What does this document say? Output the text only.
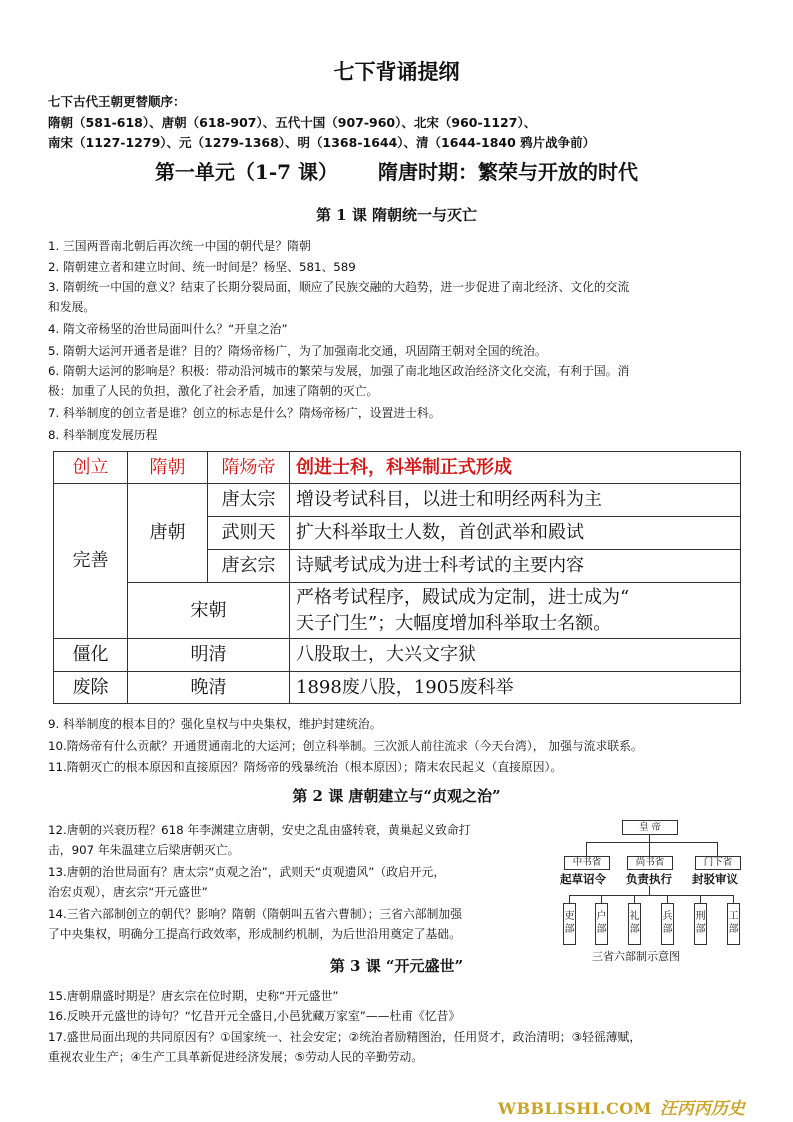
七下背诵提纲
七下古代王朝更替顺序：
隋朝（581-618）、唐朝（618-907）、五代十国（907-960）、北宋（960-1127）、
南宋（1127-1279）、元（1279-1368）、明（1368-1644）、清（1644-1840 鸦片战争前）
第一单元（1-7 课） 隋唐时期：繁荣与开放的时代
第 1 课 隋朝统一与灭亡
1. 三国两晋南北朝后再次统一中国的朝代是？隋朝
2. 隋朝建立者和建立时间、统一时间是？杨坚、581、589
3. 隋朝统一中国的意义？结束了长期分裂局面，顺应了民族交融的大趋势，进一步促进了南北经济、文化的交流
和发展。
4. 隋文帝杨坚的治世局面叫什么？“开皇之治”
5. 隋朝大运河开通者是谁？目的？隋炀帝杨广，为了加强南北交通，巩固隋王朝对全国的统治。
6. 隋朝大运河的影响是？积极：带动沿河城市的繁荣与发展，加强了南北地区政治经济文化交流，有利于国。消
极：加重了人民的负担，激化了社会矛盾，加速了隋朝的灭亡。
7. 科举制度的创立者是谁？创立的标志是什么？隋炀帝杨广，设置进士科。
8. 科举制度发展历程
创立	隋朝	隋炀帝	创进士科，科举制正式形成
完善	唐朝	唐太宗	增设考试科目，以进士和明经两科为主
		武则天	扩大科举取士人数，首创武举和殿试
		唐玄宗	诗赋考试成为进士科考试的主要内容
	宋朝		严格考试程序，殿试成为定制，进士成为“
天子门生”；大幅度增加科举取士名额。

僵化	明清		八股取士，大兴文字狱
废除	晚清		1898废八股，1905废科举
9. 科举制度的根本目的？强化皇权与中央集权，维护封建统治。
10.隋炀帝有什么贡献？开通贯通南北的大运河；创立科举制。三次派人前往流求（今天台湾）， 加强与流求联系。
11.隋朝灭亡的根本原因和直接原因？隋炀帝的残暴统治（根本原因）；隋末农民起义（直接原因）。
第 2 课 唐朝建立与“贞观之治”
12.唐朝的兴衰历程？618 年李渊建立唐朝，安史之乱由盛转衰，黄巢起义致命打
击，907 年朱温建立后梁唐朝灭亡。
13.唐朝的治世局面有？唐太宗“贞观之治”，武则天“贞观遗风”（政启开元，
治宏贞观），唐玄宗“开元盛世”
14.三省六部制创立的朝代？影响？隋朝（隋朝叫五省六曹制）；三省六部制加强
了中央集权，明确分工提高行政效率，形成制约机制，为后世沿用奠定了基础。
皇 帝
中书省	尚书省	门下省
起草诏令 负责执行 封驳审议
吏部
户部
礼部
兵部
刑部
工部
三省六部制示意图
第 3 课 “开元盛世”
15.唐朝鼎盛时期是？唐玄宗在位时期，史称“开元盛世”
16.反映开元盛世的诗句？“忆昔开元全盛日,小邑犹藏万家室”——杜甫《忆昔》
17.盛世局面出现的共同原因有？①国家统一、社会安定；②统治者励精图治，任用贤才，政治清明；③轻徭薄赋，
重视农业生产；④生产工具革新促进经济发展；⑤劳动人民的辛勤劳动。
WBBLISHI.COM 汪丙丙历史
